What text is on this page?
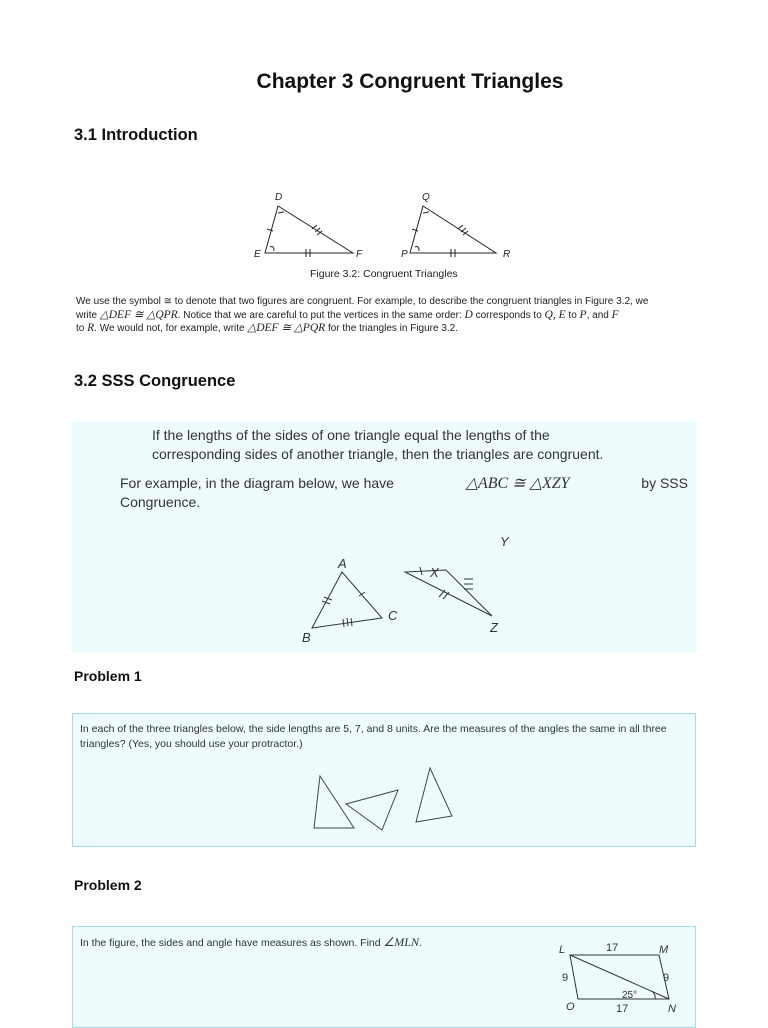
Chapter 3 Congruent Triangles
3.1 Introduction
D
E	F
Q
P	R
Figure 3.2: Congruent Triangles
We use the symbol ≅ to denote that two figures are congruent. For example, to describe the congruent triangles in Figure 3.2, we
write △DEF ≅ △QPR. Notice that we are careful to put the vertices in the same order: D corresponds to Q, E to P, and F
to R. We would not, for example, write △DEF ≅ △PQR for the triangles in Figure 3.2.
3.2 SSS Congruence
If the lengths of the sides of one triangle equal the lengths of the
corresponding sides of another triangle, then the triangles are congruent.
For example, in the diagram below, we have	△ABC ≅ △XZY	by SSS
Congruence.
A
B
C
X
Y
Z
Problem 1
In each of the three triangles below, the side lengths are 5, 7, and 8 units. Are the measures of the angles the same in all three
triangles? (Yes, you should use your protractor.)
Problem 2
In the figure, the sides and angle have measures as shown. Find ∠MLN.
L	M
N
O
17
17
9	9
25°
